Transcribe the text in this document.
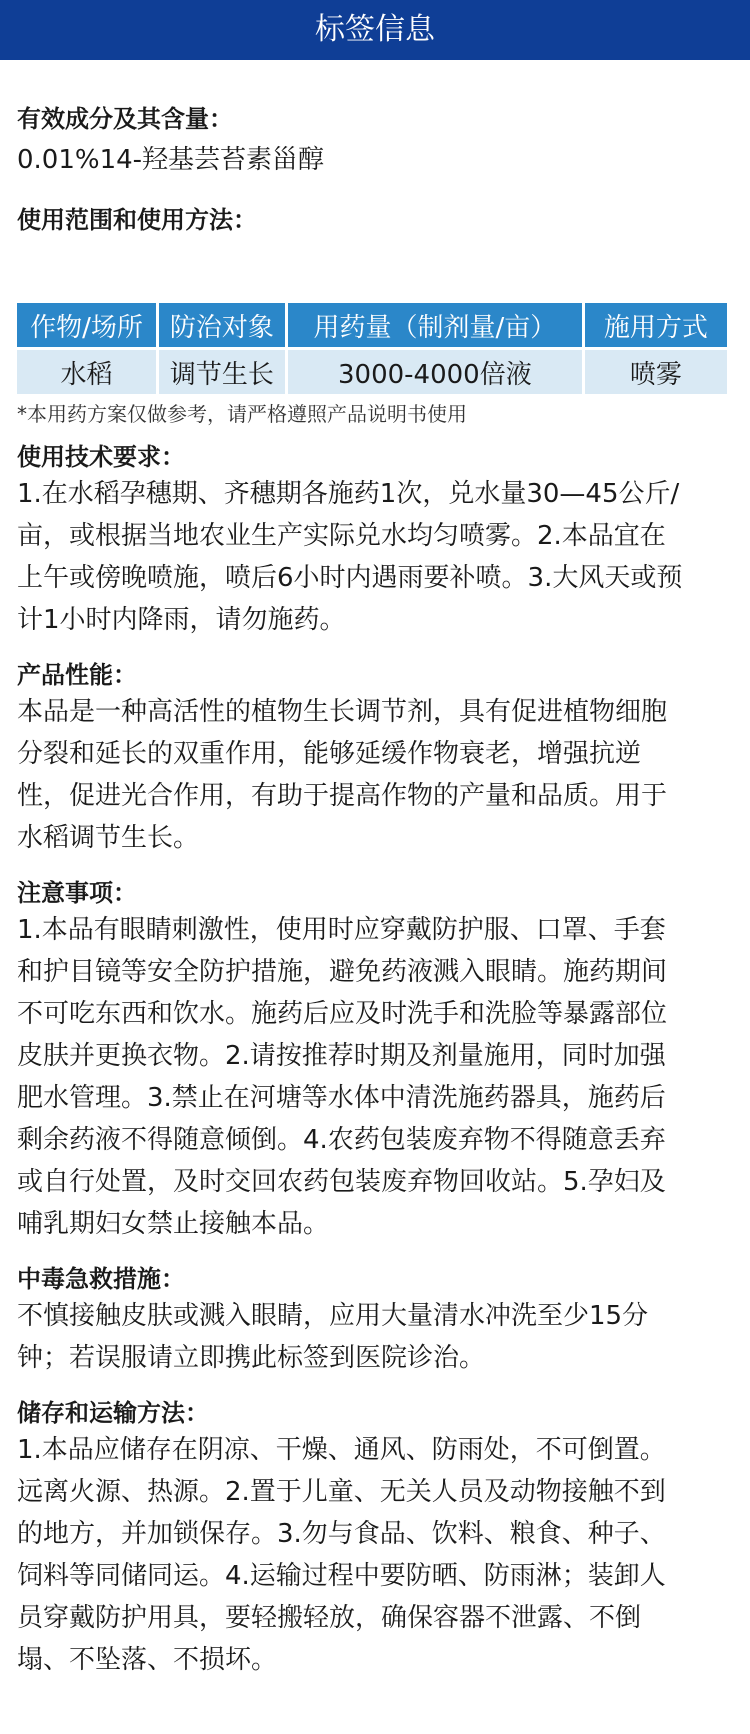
标签信息
有效成分及其含量：

0.01%14-羟基芸苔素甾醇

使用范围和使用方法：
作物/场所	防治对象	用药量（制剂量/亩）	施用方式
水稻	调节生长	3000-4000倍液	喷雾
*本用药方案仅做参考，请严格遵照产品说明书使用
使用技术要求：
1.在水稻孕穗期、齐穗期各施药1次，兑水量30—45公斤/
亩，或根据当地农业生产实际兑水均匀喷雾。2.本品宜在
上午或傍晚喷施，喷后6小时内遇雨要补喷。3.大风天或预
计1小时内降雨，请勿施药。
产品性能：
本品是一种高活性的植物生长调节剂，具有促进植物细胞
分裂和延长的双重作用，能够延缓作物衰老，增强抗逆
性，促进光合作用，有助于提高作物的产量和品质。用于
水稻调节生长。
注意事项：
1.本品有眼睛刺激性，使用时应穿戴防护服、口罩、手套
和护目镜等安全防护措施，避免药液溅入眼睛。施药期间
不可吃东西和饮水。施药后应及时洗手和洗脸等暴露部位
皮肤并更换衣物。2.请按推荐时期及剂量施用，同时加强
肥水管理。3.禁止在河塘等水体中清洗施药器具，施药后
剩余药液不得随意倾倒。4.农药包装废弃物不得随意丢弃
或自行处置，及时交回农药包装废弃物回收站。5.孕妇及
哺乳期妇女禁止接触本品。
中毒急救措施：
不慎接触皮肤或溅入眼睛，应用大量清水冲洗至少15分
钟；若误服请立即携此标签到医院诊治。
储存和运输方法：
1.本品应储存在阴凉、干燥、通风、防雨处，不可倒置。
远离火源、热源。2.置于儿童、无关人员及动物接触不到
的地方，并加锁保存。3.勿与食品、饮料、粮食、种子、
饲料等同储同运。4.运输过程中要防晒、防雨淋；装卸人
员穿戴防护用具，要轻搬轻放，确保容器不泄露、不倒
塌、不坠落、不损坏。
